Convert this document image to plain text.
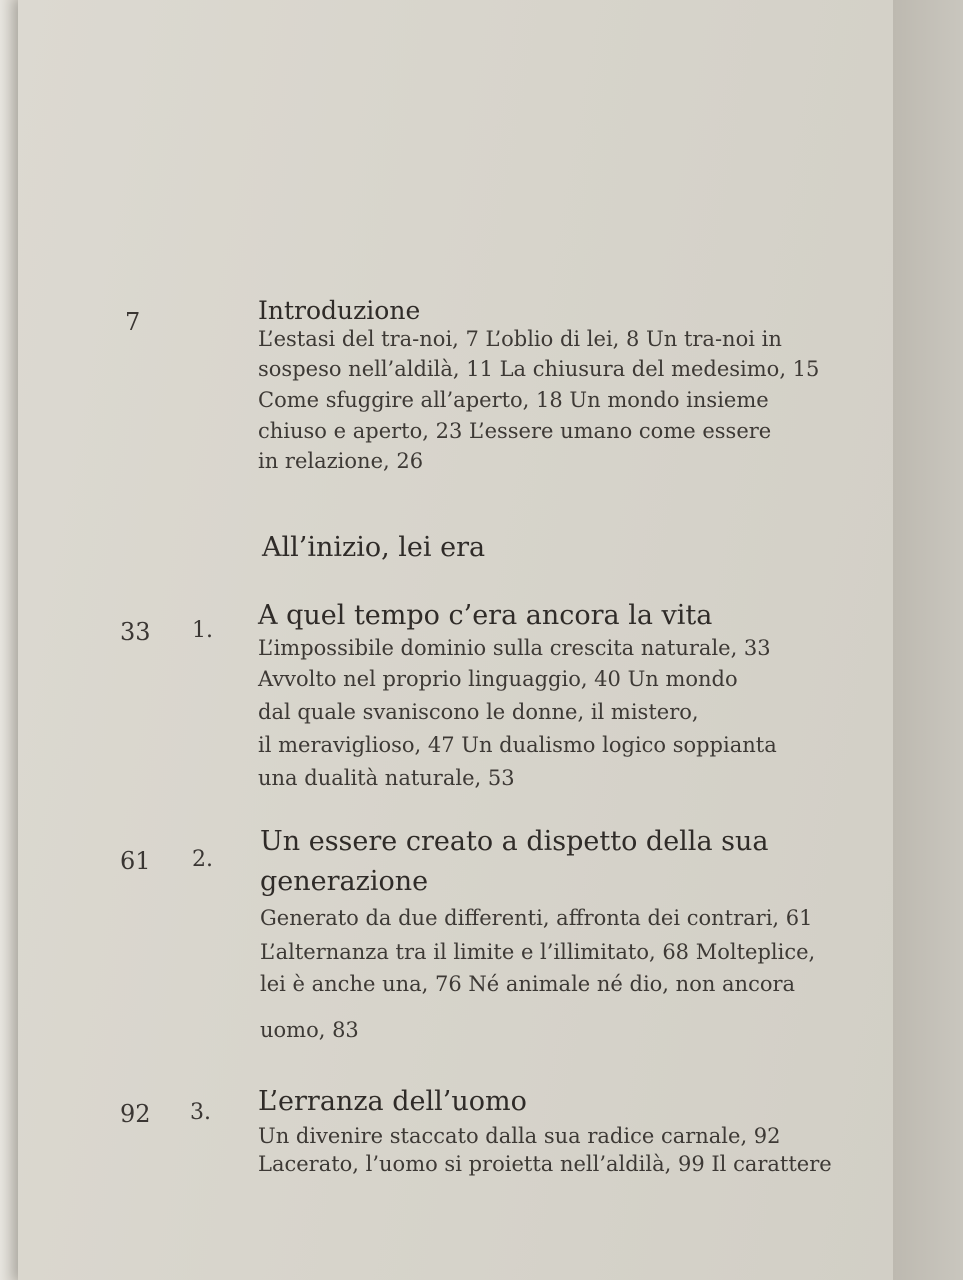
7	Introduzione
L’estasi del tra-noi, 7 L’oblio di lei, 8 Un tra-noi in
sospeso nell’aldilà, 11 La chiusura del medesimo, 15
Come sfuggire all’aperto, 18 Un mondo insieme
chiuso e aperto, 23 L’essere umano come essere
in relazione, 26
All’inizio, lei era
33 1. A quel tempo c’era ancora la vita
L’impossibile dominio sulla crescita naturale, 33
Avvolto nel proprio linguaggio, 40 Un mondo
dal quale svaniscono le donne, il mistero,
il meraviglioso, 47 Un dualismo logico soppianta
una dualità naturale, 53
61 2.
Un essere creato a dispetto della sua
generazione
Generato da due differenti, affronta dei contrari, 61
L’alternanza tra il limite e l’illimitato, 68 Molteplice,
lei è anche una, 76 Né animale né dio, non ancora
uomo, 83
92 3. L’erranza dell’uomo
Un divenire staccato dalla sua radice carnale, 92
Lacerato, l’uomo si proietta nell’aldilà, 99 Il carattere
